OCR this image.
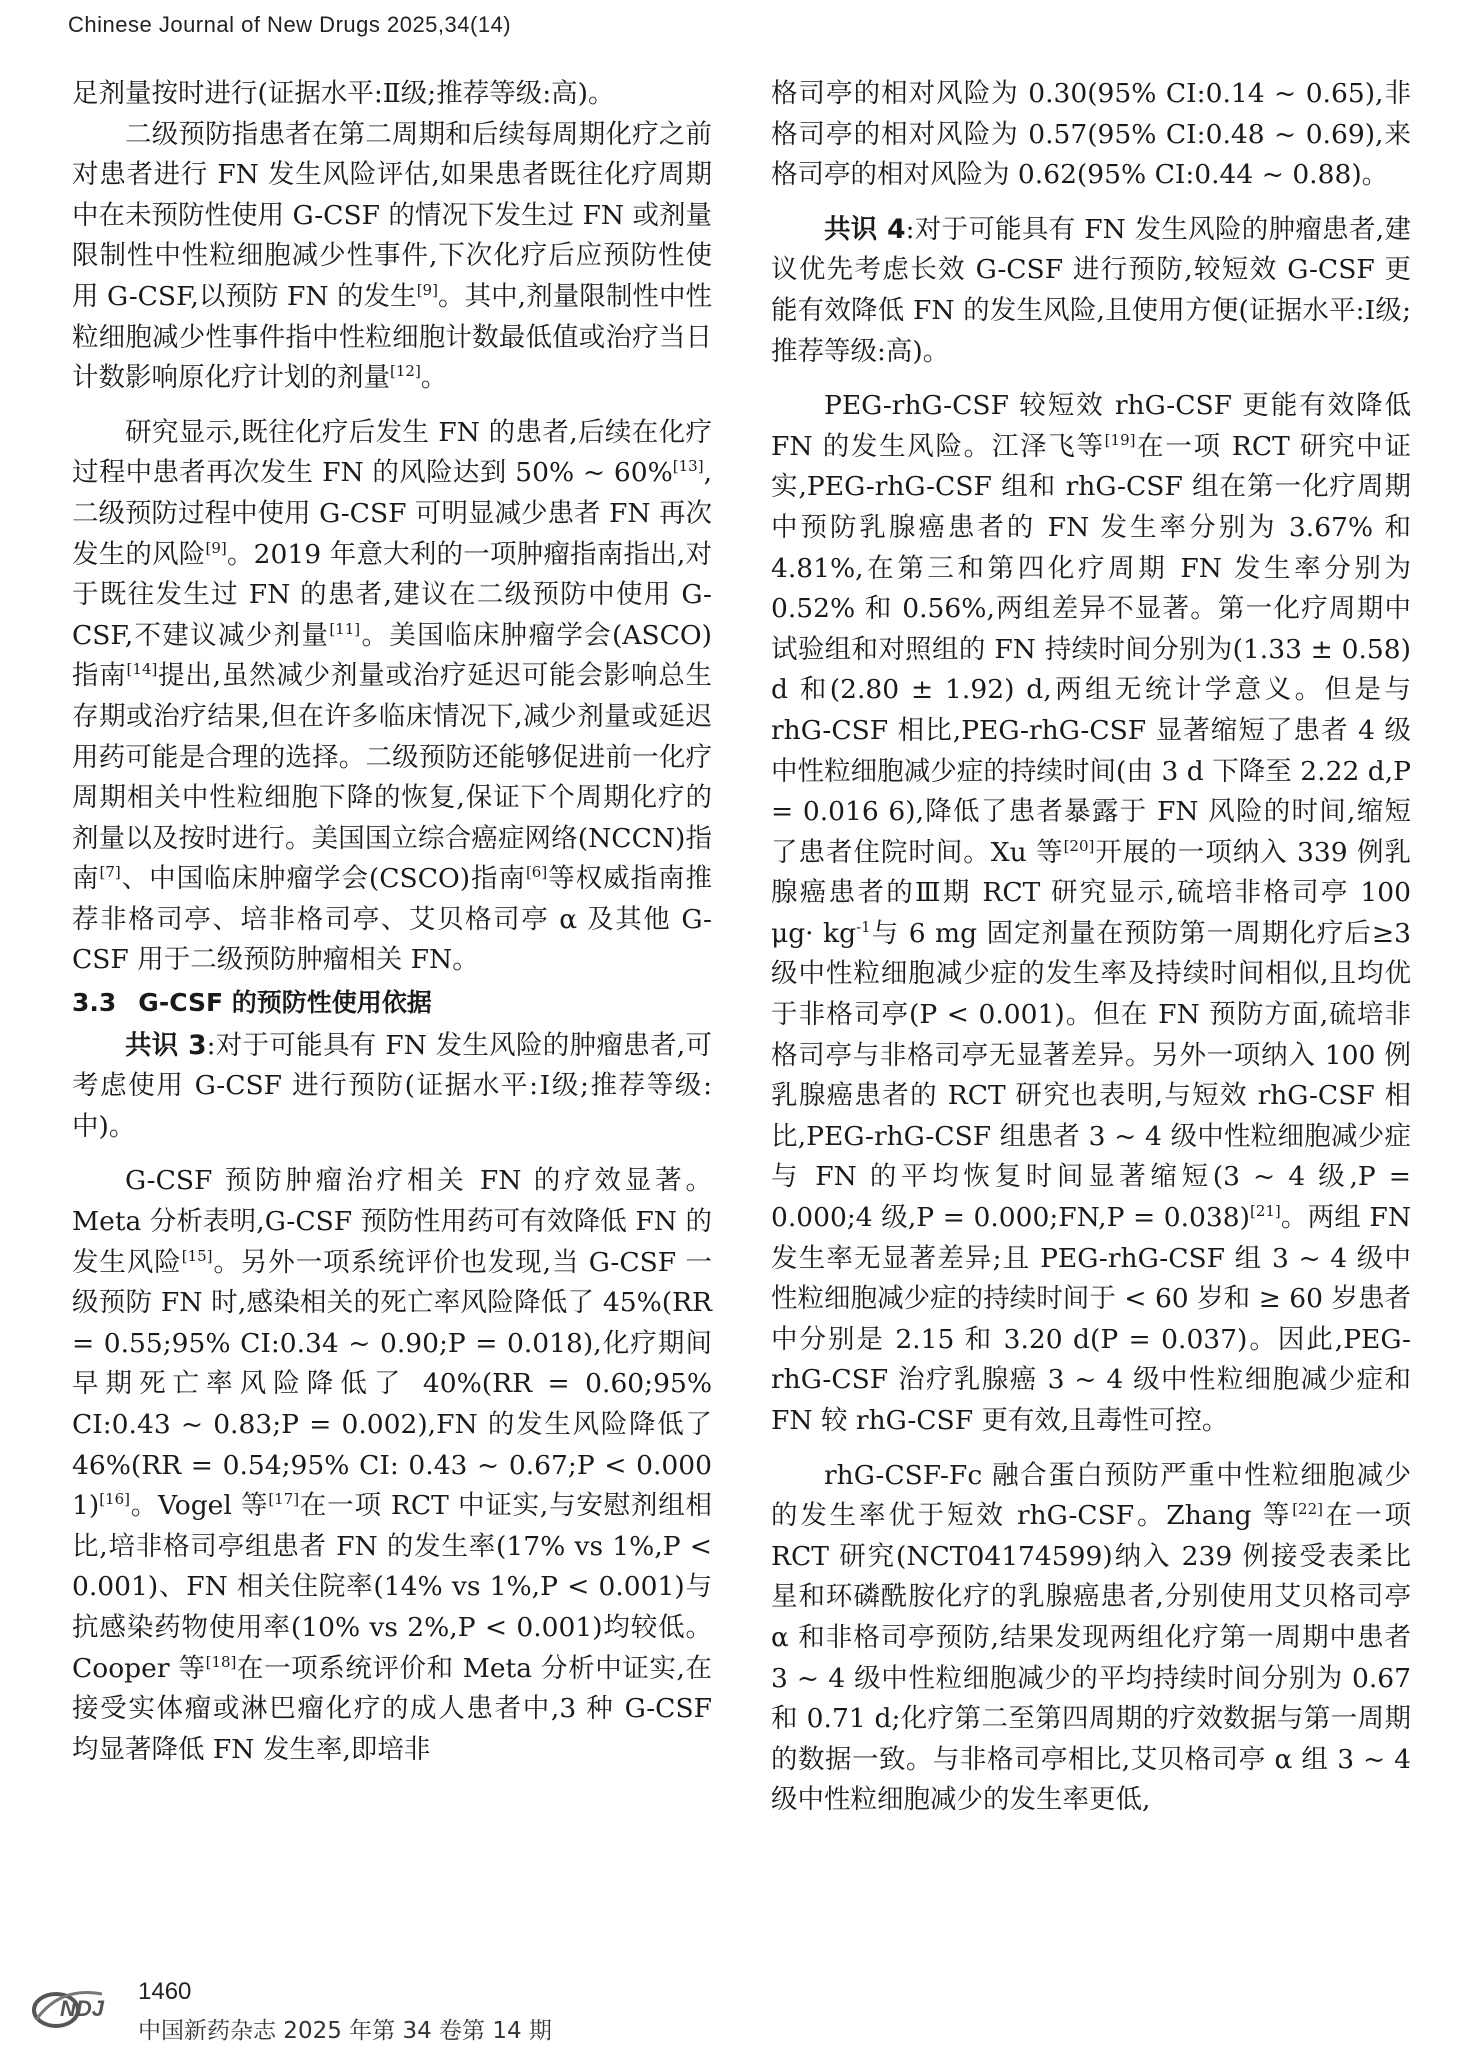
Chinese Journal of New Drugs 2025,34(14)

足剂量按时进行(证据水平:Ⅱ级;推荐等级:高)。

二级预防指患者在第二周期和后续每周期化疗之前对患者进行 FN 发生风险评估,如果患者既往化疗周期中在未预防性使用 G-CSF 的情况下发生过 FN 或剂量限制性中性粒细胞减少性事件,下次化疗后应预防性使用 G-CSF,以预防 FN 的发生[9]。其中,剂量限制性中性粒细胞减少性事件指中性粒细胞计数最低值或治疗当日计数影响原化疗计划的剂量[12]。

研究显示,既往化疗后发生 FN 的患者,后续在化疗过程中患者再次发生 FN 的风险达到 50% ~ 60%[13],二级预防过程中使用 G-CSF 可明显减少患者 FN 再次发生的风险[9]。2019 年意大利的一项肿瘤指南指出,对于既往发生过 FN 的患者,建议在二级预防中使用 G-CSF,不建议减少剂量[11]。美国临床肿瘤学会(ASCO)指南[14]提出,虽然减少剂量或治疗延迟可能会影响总生存期或治疗结果,但在许多临床情况下,减少剂量或延迟用药可能是合理的选择。二级预防还能够促进前一化疗周期相关中性粒细胞下降的恢复,保证下个周期化疗的剂量以及按时进行。美国国立综合癌症网络(NCCN)指南[7]、中国临床肿瘤学会(CSCO)指南[6]等权威指南推荐非格司亭、培非格司亭、艾贝格司亭 α 及其他 G-CSF 用于二级预防肿瘤相关 FN。

3.3 G-CSF 的预防性使用依据

共识 3:对于可能具有 FN 发生风险的肿瘤患者,可考虑使用 G-CSF 进行预防(证据水平:Ⅰ级;推荐等级:中)。

G-CSF 预防肿瘤治疗相关 FN 的疗效显著。Meta 分析表明,G-CSF 预防性用药可有效降低 FN 的发生风险[15]。另外一项系统评价也发现,当 G-CSF 一级预防 FN 时,感染相关的死亡率风险降低了 45%(RR = 0.55;95% CI:0.34 ~ 0.90;P = 0.018),化疗期间早期死亡率风险降低了 40%(RR = 0.60;95% CI:0.43 ~ 0.83;P = 0.002),FN 的发生风险降低了 46%(RR = 0.54;95% CI: 0.43 ~ 0.67;P < 0.000 1)[16]。Vogel 等[17]在一项 RCT 中证实,与安慰剂组相比,培非格司亭组患者 FN 的发生率(17% vs 1%,P < 0.001)、FN 相关住院率(14% vs 1%,P < 0.001)与抗感染药物使用率(10% vs 2%,P < 0.001)均较低。Cooper 等[18]在一项系统评价和 Meta 分析中证实,在接受实体瘤或淋巴瘤化疗的成人患者中,3 种 G-CSF 均显著降低 FN 发生率,即培非

格司亭的相对风险为 0.30(95% CI:0.14 ~ 0.65),非格司亭的相对风险为 0.57(95% CI:0.48 ~ 0.69),来格司亭的相对风险为 0.62(95% CI:0.44 ~ 0.88)。

共识 4:对于可能具有 FN 发生风险的肿瘤患者,建议优先考虑长效 G-CSF 进行预防,较短效 G-CSF 更能有效降低 FN 的发生风险,且使用方便(证据水平:Ⅰ级;推荐等级:高)。

PEG-rhG-CSF 较短效 rhG-CSF 更能有效降低 FN 的发生风险。江泽飞等[19]在一项 RCT 研究中证实,PEG-rhG-CSF 组和 rhG-CSF 组在第一化疗周期中预防乳腺癌患者的 FN 发生率分别为 3.67% 和 4.81%,在第三和第四化疗周期 FN 发生率分别为 0.52% 和 0.56%,两组差异不显著。第一化疗周期中试验组和对照组的 FN 持续时间分别为(1.33 ± 0.58) d 和(2.80 ± 1.92) d,两组无统计学意义。但是与 rhG-CSF 相比,PEG-rhG-CSF 显著缩短了患者 4 级中性粒细胞减少症的持续时间(由 3 d 下降至 2.22 d,P = 0.016 6),降低了患者暴露于 FN 风险的时间,缩短了患者住院时间。Xu 等[20]开展的一项纳入 339 例乳腺癌患者的Ⅲ期 RCT 研究显示,硫培非格司亭 100 $\mu g\cdot kg^{-1}$与 6 mg 固定剂量在预防第一周期化疗后≥3 级中性粒细胞减少症的发生率及持续时间相似,且均优于非格司亭(P < 0.001)。但在 FN 预防方面,硫培非格司亭与非格司亭无显著差异。另外一项纳入 100 例乳腺癌患者的 RCT 研究也表明,与短效 rhG-CSF 相比,PEG-rhG-CSF 组患者 3 ~ 4 级中性粒细胞减少症与 FN 的平均恢复时间显著缩短(3 ~ 4 级,P = 0.000;4 级,P = 0.000;FN,P = 0.038)[21]。两组 FN 发生率无显著差异;且 PEG-rhG-CSF 组 3 ~ 4 级中性粒细胞减少症的持续时间于 < 60 岁和 ≥ 60 岁患者中分别是 2.15 和 3.20 d(P = 0.037)。因此,PEG-rhG-CSF 治疗乳腺癌 3 ~ 4 级中性粒细胞减少症和 FN 较 rhG-CSF 更有效,且毒性可控。

rhG-CSF-Fc 融合蛋白预防严重中性粒细胞减少的发生率优于短效 rhG-CSF。Zhang 等[22]在一项 RCT 研究(NCT04174599)纳入 239 例接受表柔比星和环磷酰胺化疗的乳腺癌患者,分别使用艾贝格司亭 α 和非格司亭预防,结果发现两组化疗第一周期中患者 3 ~ 4 级中性粒细胞减少的平均持续时间分别为 0.67 和 0.71 d;化疗第二至第四周期的疗效数据与第一周期的数据一致。与非格司亭相比,艾贝格司亭 α 组 3 ~ 4 级中性粒细胞减少的发生率更低,

NDJ
1460
中国新药杂志 2025 年第 34 卷第 14 期
